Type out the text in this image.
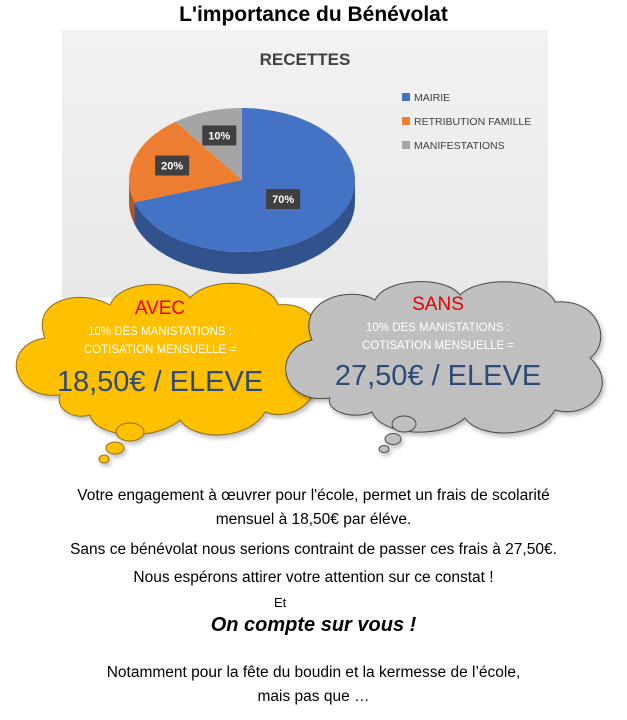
L'importance du Bénévolat
RECETTES
70%
20%
10%
MAIRIE
RETRIBUTION FAMILLE
MANIFESTATIONS
AVEC
10% DES MANISTATIONS :
COTISATION MENSUELLE =
18,50€ / ELEVE
SANS
10% DES MANISTATIONS :
COTISATION MENSUELLE =
27,50€ / ELEVE
Votre engagement à œuvrer pour l'école, permet un frais de scolarité
mensuel à 18,50€ par éléve.
Sans ce bénévolat nous serions contraint de passer ces frais à 27,50€.
Nous espérons attirer votre attention sur ce constat !
Et
On compte sur vous !
Notamment pour la fête du boudin et la kermesse de l’école,
mais pas que …
